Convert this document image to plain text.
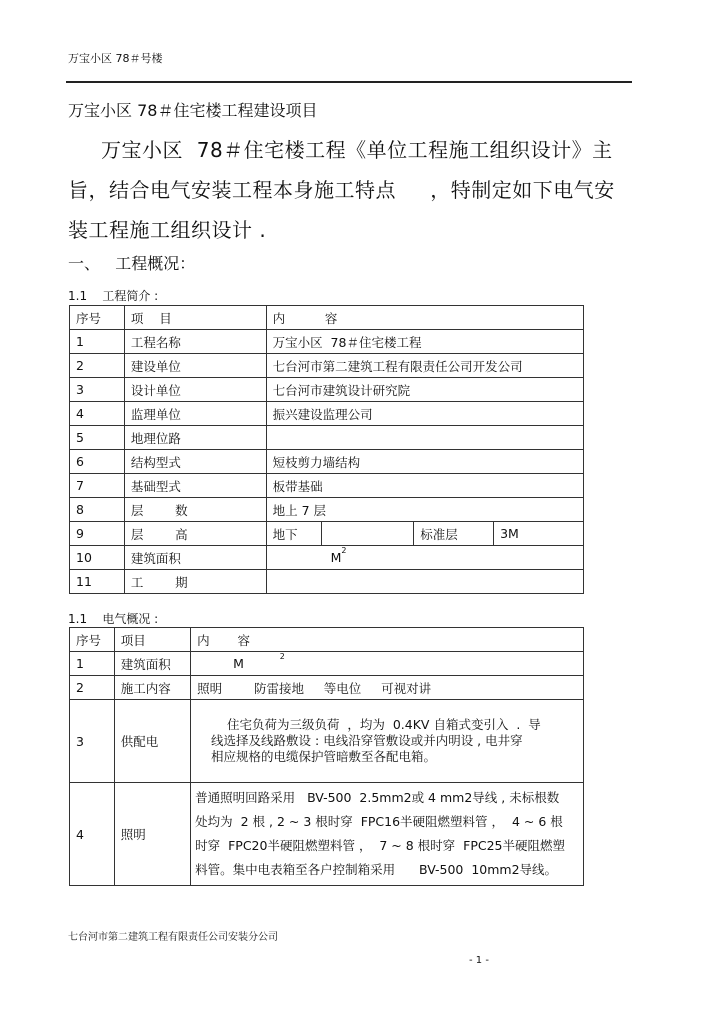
万宝小区 78＃号楼
万宝小区 78＃住宅楼工程建设项目
万宝小区  78＃住宅楼工程《单位工程施工组织设计》主
旨，结合电气安装工程本身施工特点     ，特制定如下电气安
装工程施工组织设计 .
一、   工程概况：
1.1    工程简介 :
序号	项    目	内          容			
1	工程名称	万宝小区  78＃住宅楼工程			
2	建设单位	七台河市第二建筑工程有限责任公司开发公司			
3	设计单位	七台河市建筑设计研究院			
4	监理单位	振兴建设监理公司			
5	地理位路				
6	结构型式	短枝剪力墙结构			
7	基础型式	板带基础			
8	层        数	地上 7 层			
9	层        高	地下		标准层	3M
10	建筑面积	$M^2$
11	工        期				
1.1    电气概况 :
序号	项目	内       容
1	建筑面积	M $^2$
2	施工内容	照明        防雷接地     等电位     可视对讲
3	供配电	住宅负荷为三级负荷  ，均为  0.4KV 自箱式变引入  .  导
线选择及线路敷设 : 电线沿穿管敷设或并内明设 , 电井穿
相应规格的电缆保护管暗敷至各配电箱。

4	照明	普通照明回路采用   BV-500  2.5mm2或 4 mm2导线 , 未标根数
处均为  2 根 , 2 ~ 3 根时穿  FPC16半硬阻燃塑料管 ，  4 ~ 6 根
时穿  FPC20半硬阻燃塑料管 ，  7 ~ 8 根时穿  FPC25半硬阻燃塑
料管。集中电表箱至各户控制箱采用      BV-500  10mm2导线。
七台河市第二建筑工程有限责任公司安装分公司
- 1 -
